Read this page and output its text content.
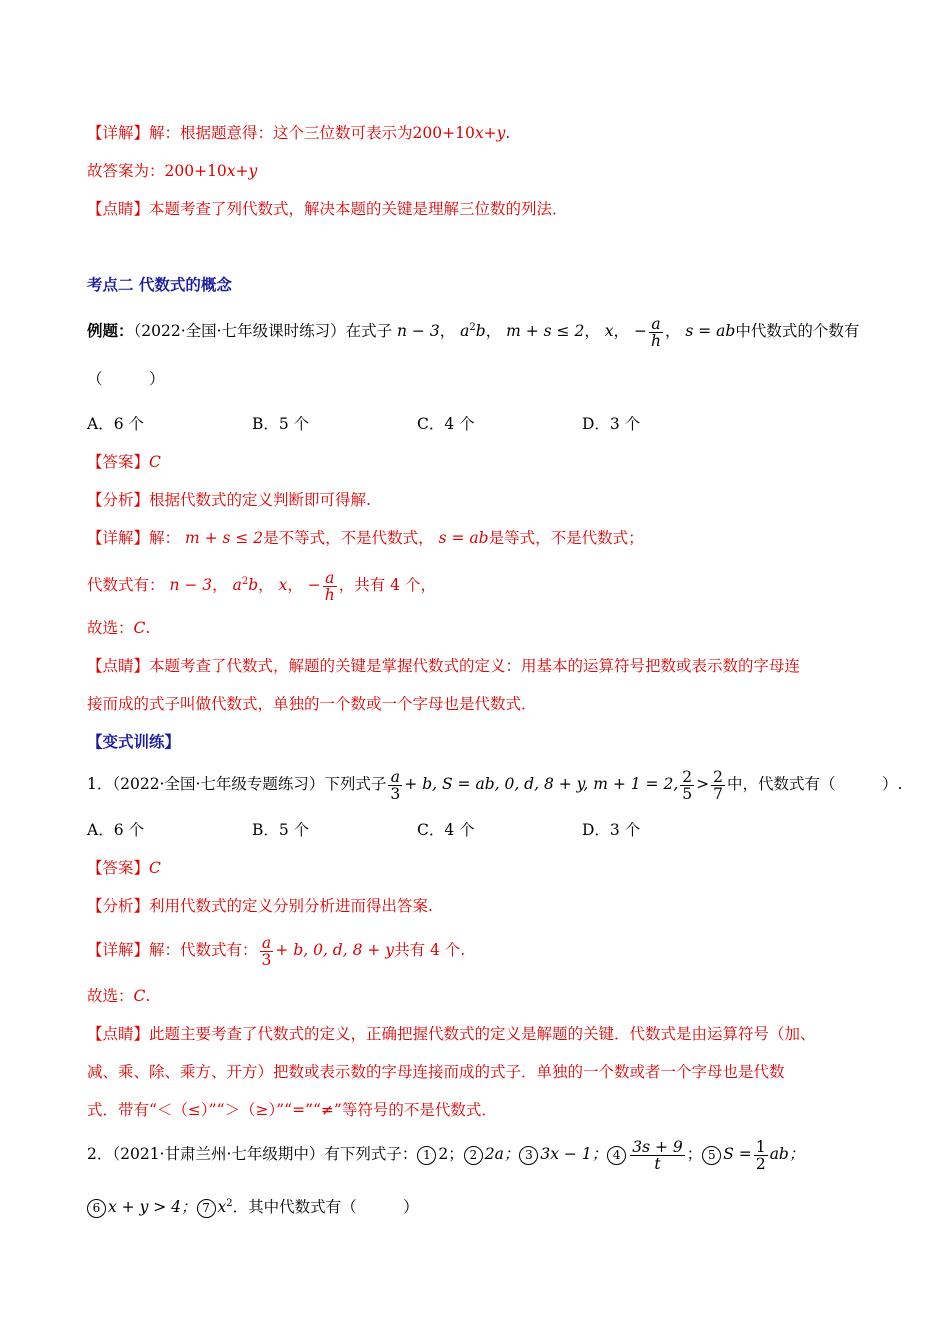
【详解】解：根据题意得：这个三位数可表示为200+10x+y.
故答案为：200+10x+y
【点睛】本题考查了列代数式，解决本题的关键是理解三位数的列法．
考点二 代数式的概念
例题：（2022·全国·七年级课时练习）在式子 n − 3， $a^2b$， m + s ≤ 2， x， − $\frac{a}{h}$ ， s = ab中代数式的个数有
（　　　）
A．6 个	B．5 个	C．4 个	D．3 个
【答案】C
【分析】根据代数式的定义判断即可得解.
【详解】解： m + s ≤ 2是不等式，不是代数式， s = ab是等式，不是代数式；
代数式有： n − 3， $a^2b$， x， − $\frac{a}{h}$ ，共有 4 个，
故选：C.
【点睛】本题考查了代数式，解题的关键是掌握代数式的定义：用基本的运算符号把数或表示数的字母连
接而成的式子叫做代数式，单独的一个数或一个字母也是代数式．
【变式训练】
1．（2022·全国·七年级专题练习）下列式子 $\frac{a}{3} + b$, S = ab, 0, d, 8 + y, m + 1 = 2, $\frac{2}{5} > \frac{2}{7}$ 中，代数式有（　　　）.
A．6 个	B．5 个	C．4 个	D．3 个
【答案】C
【分析】利用代数式的定义分别分析进而得出答案.
【详解】解：代数式有： $\frac{a}{3} + b$, 0, d, 8 + y共有 4 个.
故选：C.
【点睛】此题主要考查了代数式的定义，正确把握代数式的定义是解题的关键．代数式是由运算符号（加、
减、乘、除、乘方、开方）把数或表示数的字母连接而成的式子．单独的一个数或者一个字母也是代数
式．带有“＜（≤）”“＞（≥）”“=”“≠”等符号的不是代数式．
2．（2021·甘肃兰州·七年级期中）有下列式子： 1 2； 2 2a； 3 3x − 1； $4 \frac{3s + 9}{t}$ ； 5 $S = \frac{1}{2}$ ab；
6 x + y > 4； 7 $x^2$．其中代数式有（　　　）
